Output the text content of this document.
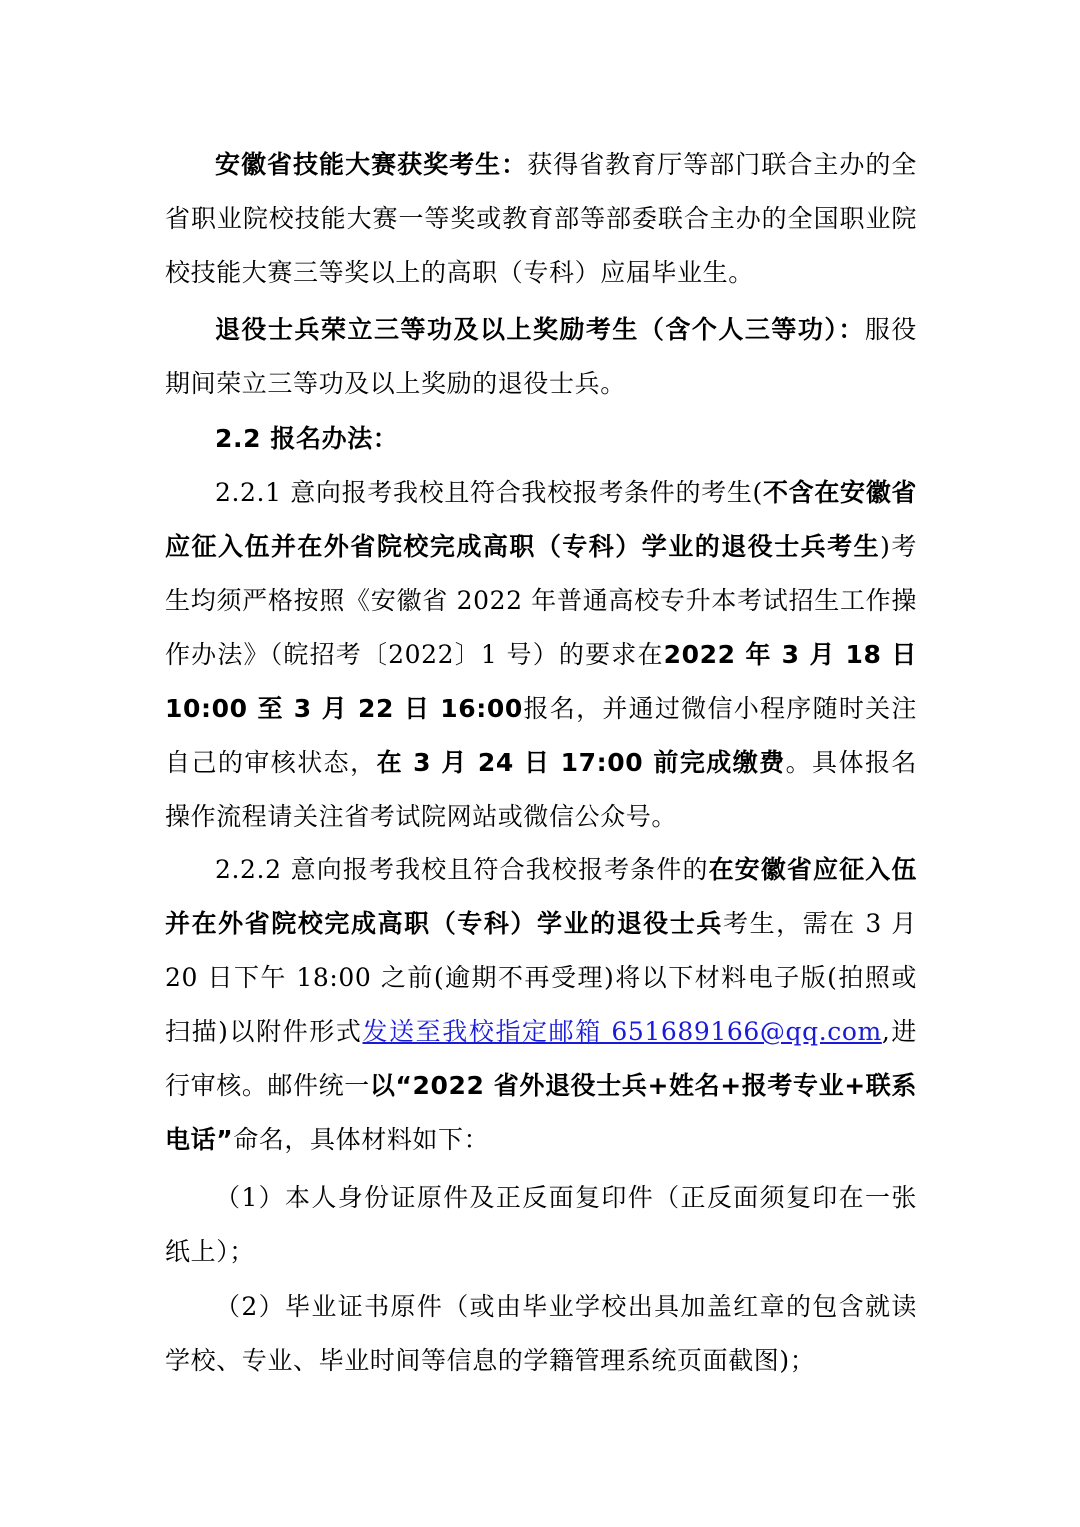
安徽省技能大赛获奖考生：获得省教育厅等部门联合主办的全省职业院校技能大赛一等奖或教育部等部委联合主办的全国职业院校技能大赛三等奖以上的高职（专科）应届毕业生。

退役士兵荣立三等功及以上奖励考生（含个人三等功）：服役期间荣立三等功及以上奖励的退役士兵。

2.2 报名办法：

2.2.1 意向报考我校且符合我校报考条件的考生(不含在安徽省应征入伍并在外省院校完成高职（专科）学业的退役士兵考生)考生均须严格按照《安徽省 2022 年普通高校专升本考试招生工作操作办法》（皖招考〔2022〕1 号）的要求在2022 年 3 月 18 日 10:00 至 3 月 22 日 16:00报名，并通过微信小程序随时关注自己的审核状态，在 3 月 24 日 17:00 前完成缴费。具体报名操作流程请关注省考试院网站或微信公众号。

2.2.2 意向报考我校且符合我校报考条件的在安徽省应征入伍并在外省院校完成高职（专科）学业的退役士兵考生，需在 3 月 20 日下午 18:00 之前(逾期不再受理)将以下材料电子版(拍照或扫描)以附件形式发送至我校指定邮箱 651689166@qq.com,进行审核。邮件统一以“2022 省外退役士兵+姓名+报考专业+联系电话”命名，具体材料如下：

（1）本人身份证原件及正反面复印件（正反面须复印在一张纸上）；

（2）毕业证书原件（或由毕业学校出具加盖红章的包含就读学校、专业、毕业时间等信息的学籍管理系统页面截图)；
